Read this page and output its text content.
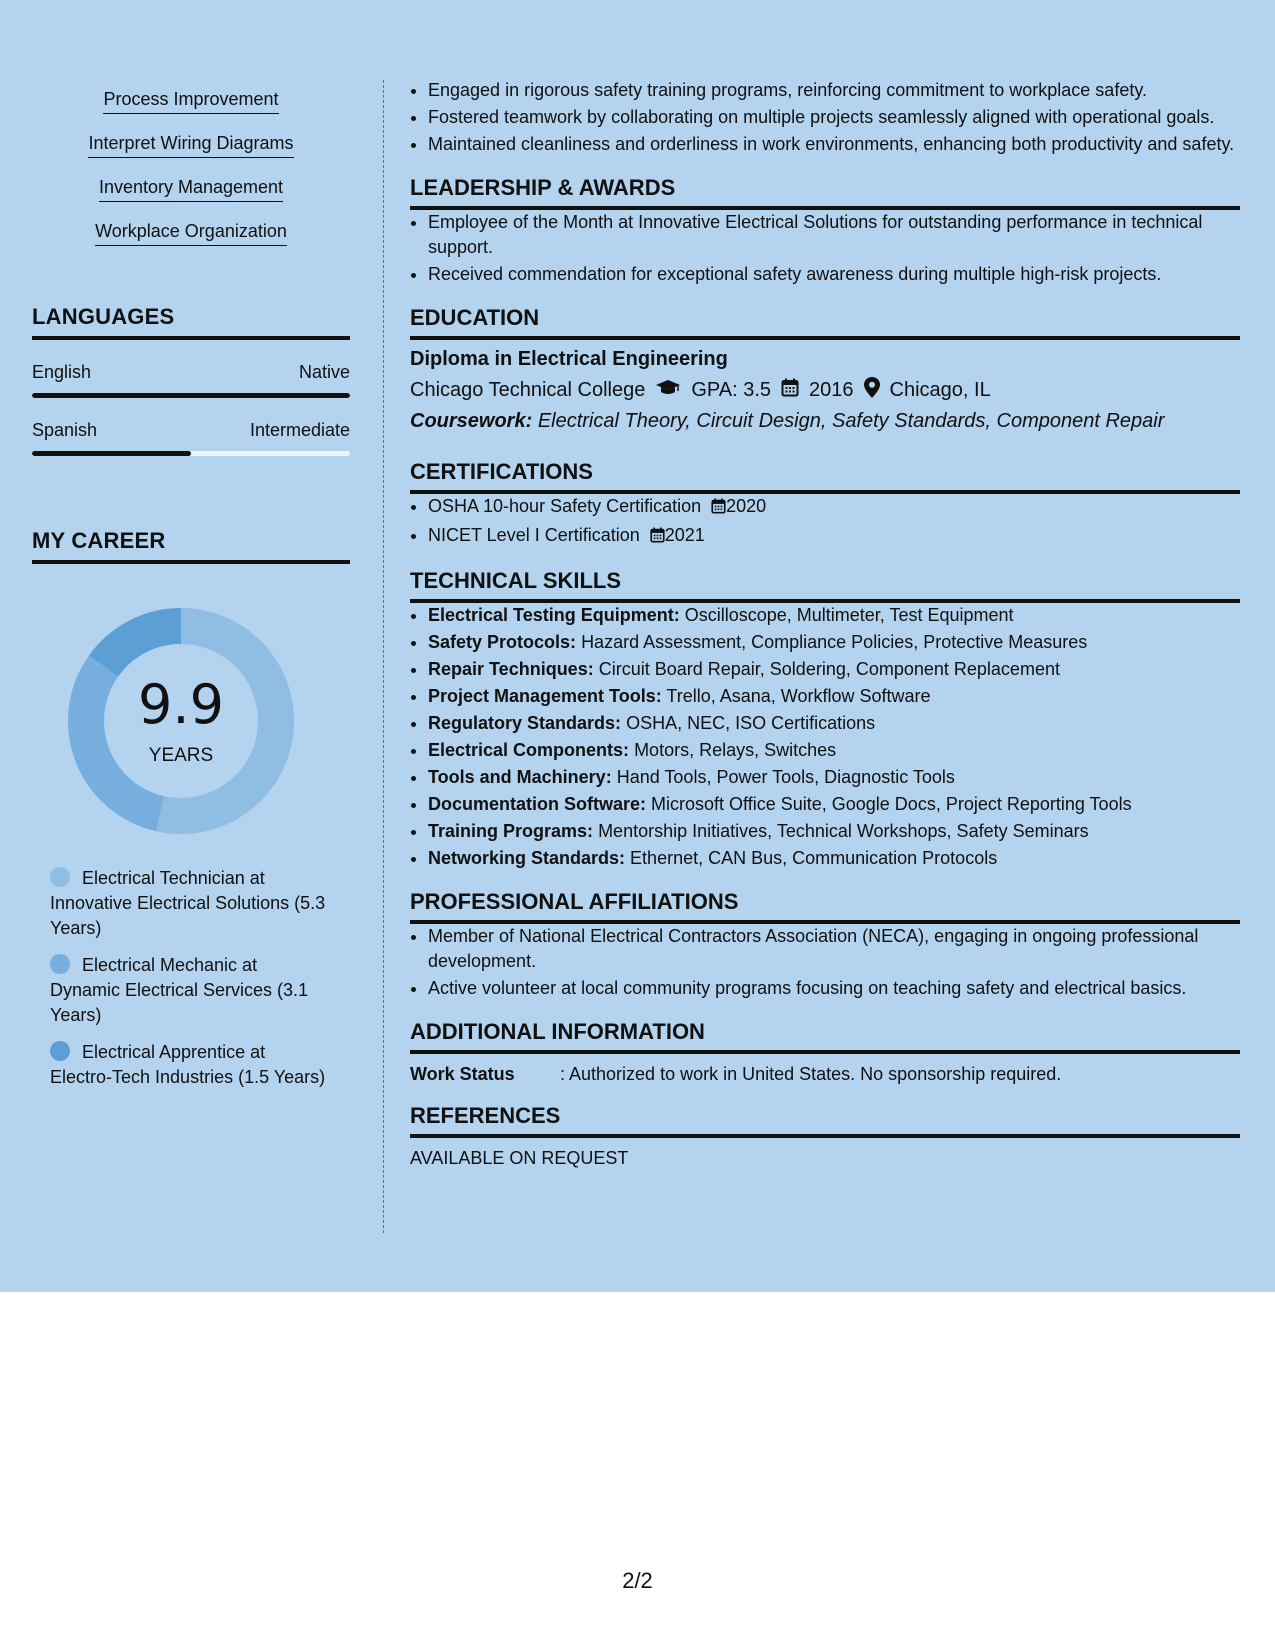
Process Improvement
Interpret Wiring Diagrams
Inventory Management
Workplace Organization
LANGUAGES
English	Native
Spanish	Intermediate
MY CAREER
9.9
YEARS
Electrical Technician at Innovative Electrical Solutions (5.3 Years)
Electrical Mechanic at Dynamic Electrical Services (3.1 Years)
Electrical Apprentice at Electro-Tech Industries (1.5 Years)
• Engaged in rigorous safety training programs, reinforcing commitment to workplace safety.
• Fostered teamwork by collaborating on multiple projects seamlessly aligned with operational goals.
• Maintained cleanliness and orderliness in work environments, enhancing both productivity and safety.
LEADERSHIP & AWARDS
• Employee of the Month at Innovative Electrical Solutions for outstanding performance in technical support.
• Received commendation for exceptional safety awareness during multiple high-risk projects.
EDUCATION
Diploma in Electrical Engineering
Chicago Technical College GPA: 3.5 2016 Chicago, IL
Coursework: Electrical Theory, Circuit Design, Safety Standards, Component Repair
CERTIFICATIONS
• OSHA 10-hour Safety Certification 2020
• NICET Level I Certification 2021
TECHNICAL SKILLS
• Electrical Testing Equipment: Oscilloscope, Multimeter, Test Equipment
• Safety Protocols: Hazard Assessment, Compliance Policies, Protective Measures
• Repair Techniques: Circuit Board Repair, Soldering, Component Replacement
• Project Management Tools: Trello, Asana, Workflow Software
• Regulatory Standards: OSHA, NEC, ISO Certifications
• Electrical Components: Motors, Relays, Switches
• Tools and Machinery: Hand Tools, Power Tools, Diagnostic Tools
• Documentation Software: Microsoft Office Suite, Google Docs, Project Reporting Tools
• Training Programs: Mentorship Initiatives, Technical Workshops, Safety Seminars
• Networking Standards: Ethernet, CAN Bus, Communication Protocols
PROFESSIONAL AFFILIATIONS
• Member of National Electrical Contractors Association (NECA), engaging in ongoing professional development.
• Active volunteer at local community programs focusing on teaching safety and electrical basics.
ADDITIONAL INFORMATION
Work Status	: Authorized to work in United States. No sponsorship required.
REFERENCES
AVAILABLE ON REQUEST
2/2
